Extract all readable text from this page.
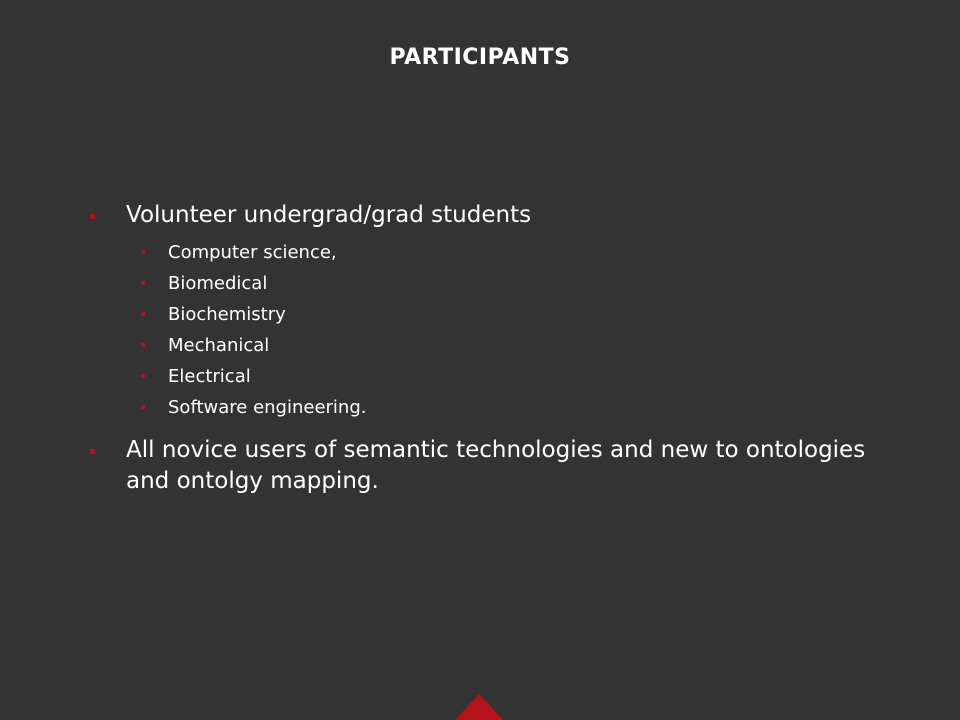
PARTICIPANTS
Volunteer undergrad/grad students
Computer science,
Biomedical
Biochemistry
Mechanical
Electrical
Software engineering.
All novice users of semantic technologies and new to ontologies and ontolgy mapping.
